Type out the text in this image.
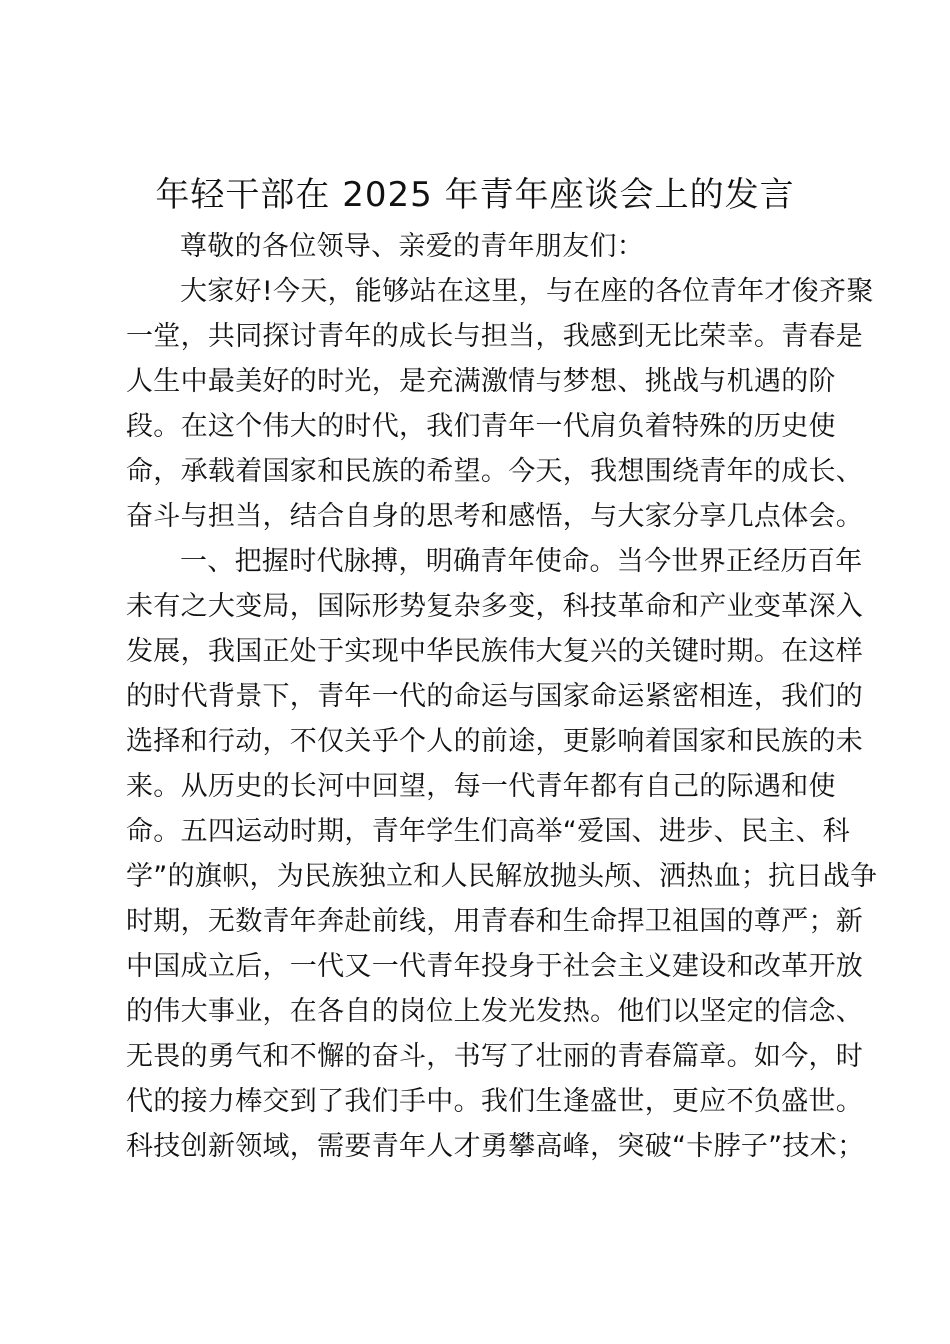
年轻干部在 2025 年青年座谈会上的发言
尊敬的各位领导、亲爱的青年朋友们：
大家好!今天，能够站在这里，与在座的各位青年才俊齐聚
一堂，共同探讨青年的成长与担当，我感到无比荣幸。青春是
人生中最美好的时光，是充满激情与梦想、挑战与机遇的阶
段。在这个伟大的时代，我们青年一代肩负着特殊的历史使
命，承载着国家和民族的希望。今天，我想围绕青年的成长、
奋斗与担当，结合自身的思考和感悟，与大家分享几点体会。
一、把握时代脉搏，明确青年使命。当今世界正经历百年
未有之大变局，国际形势复杂多变，科技革命和产业变革深入
发展，我国正处于实现中华民族伟大复兴的关键时期。在这样
的时代背景下，青年一代的命运与国家命运紧密相连，我们的
选择和行动，不仅关乎个人的前途，更影响着国家和民族的未
来。从历史的长河中回望，每一代青年都有自己的际遇和使
命。五四运动时期，青年学生们高举“爱国、进步、民主、科
学”的旗帜，为民族独立和人民解放抛头颅、洒热血；抗日战争
时期，无数青年奔赴前线，用青春和生命捍卫祖国的尊严；新
中国成立后，一代又一代青年投身于社会主义建设和改革开放
的伟大事业，在各自的岗位上发光发热。他们以坚定的信念、
无畏的勇气和不懈的奋斗，书写了壮丽的青春篇章。如今，时
代的接力棒交到了我们手中。我们生逢盛世，更应不负盛世。
科技创新领域，需要青年人才勇攀高峰，突破“卡脖子”技术；
